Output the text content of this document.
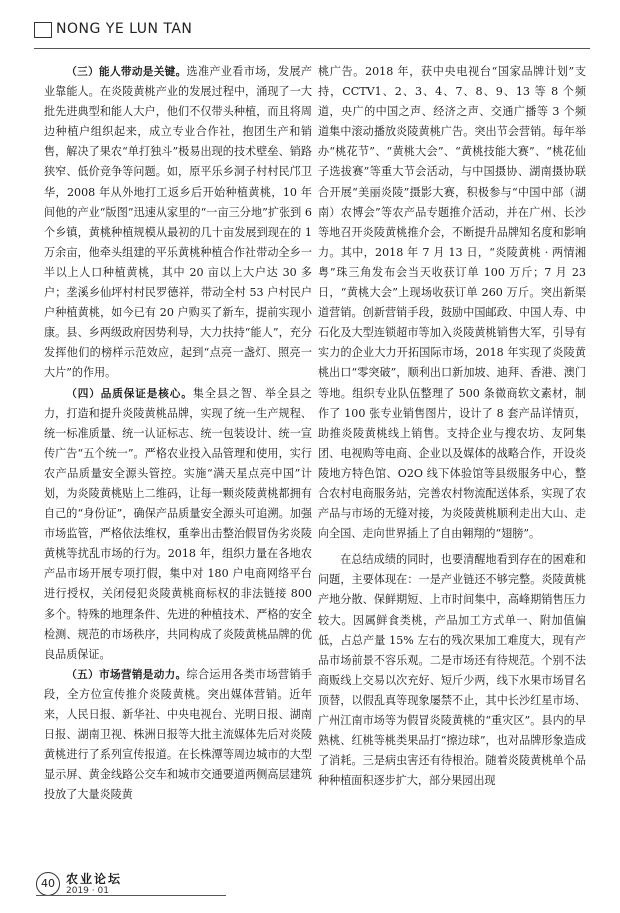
NONG YE LUN TAN

（三）能人带动是关键。选准产业看市场，发展产业靠能人。在炎陵黄桃产业的发展过程中，涌现了一大批先进典型和能人大户，他们不仅带头种植，而且将周边种植户组织起来，成立专业合作社，抱团生产和销售，解决了果农“单打独斗”极易出现的技术壁垒、销路狭窄、低价竞争等问题。如，原平乐乡洞子村村民邝卫华，2008 年从外地打工返乡后开始种植黄桃，10 年间他的产业“版图”迅速从家里的“一亩三分地”扩张到 6 个乡镇，黄桃种植规模从最初的几十亩发展到现在的 1 万余亩，他牵头组建的平乐黄桃种植合作社带动全乡一半以上人口种植黄桃，其中 20 亩以上大户达 30 多户；垄溪乡仙坪村村民罗德祥，带动全村 53 户村民户户种植黄桃，如今已有 20 户购买了新车，提前实现小康。县、乡两级政府因势利导，大力扶持“能人”，充分发挥他们的榜样示范效应，起到“点亮一盏灯、照亮一大片”的作用。

（四）品质保证是核心。集全县之智、举全县之力，打造和提升炎陵黄桃品牌，实现了统一生产规程、统一标准质量、统一认证标志、统一包装设计、统一宣传广告“五个统一”。严格农业投入品管理和使用，实行农产品质量安全源头管控。实施“满天星点亮中国”计划，为炎陵黄桃贴上二维码，让每一颗炎陵黄桃都拥有自己的“身份证”，确保产品质量安全源头可追溯。加强市场监管，严格依法维权，重拳出击整治假冒伪劣炎陵黄桃等扰乱市场的行为。2018 年，组织力量在各地农产品市场开展专项打假，集中对 180 户电商网络平台进行授权，关闭侵犯炎陵黄桃商标权的非法链接 800 多个。特殊的地理条件、先进的种植技术、严格的安全检测、规范的市场秩序，共同构成了炎陵黄桃品牌的优良品质保证。

（五）市场营销是动力。综合运用各类市场营销手段，全方位宣传推介炎陵黄桃。突出媒体营销。近年来，人民日报、新华社、中央电视台、光明日报、湖南日报、湖南卫视、株洲日报等大批主流媒体先后对炎陵黄桃进行了系列宣传报道。在长株潭等周边城市的大型显示屏、黄金线路公交车和城市交通要道两侧高层建筑投放了大量炎陵黄

桃广告。2018 年，获中央电视台“国家品牌计划”支持，CCTV1、2、3、4、7、8、9、13 等 8 个频道，央广的中国之声、经济之声、交通广播等 3 个频道集中滚动播放炎陵黄桃广告。突出节会营销。每年举办“桃花节”、“黄桃大会”、“黄桃技能大赛”、“桃花仙子选拔赛”等重大节会活动，与中国摄协、湖南摄协联合开展“美丽炎陵”摄影大赛，积极参与“中国中部（湖南）农博会”等农产品专题推介活动，并在广州、长沙等地召开炎陵黄桃推介会，不断提升品牌知名度和影响力。其中，2018 年 7 月 13 日，“炎陵黄桃 · 两情湘粤”珠三角发布会当天收获订单 100 万斤；7 月 23 日，“黄桃大会”上现场收获订单 260 万斤。突出新渠道营销。创新营销手段，鼓励中国邮政、中国人寿、中石化及大型连锁超市等加入炎陵黄桃销售大军，引导有实力的企业大力开拓国际市场，2018 年实现了炎陵黄桃出口“零突破”，顺利出口新加坡、迪拜、香港、澳门等地。组织专业队伍整理了 500 条微商软文素材，制作了 100 张专业销售图片，设计了 8 套产品详情页，助推炎陵黄桃线上销售。支持企业与搜农坊、友阿集团、电视购等电商、企业以及媒体的战略合作，开设炎陵地方特色馆、O2O 线下体验馆等县级服务中心，整合农村电商服务站，完善农村物流配送体系，实现了农产品与市场的无缝对接，为炎陵黄桃顺利走出大山、走向全国、走向世界插上了自由翱翔的“翅膀”。

在总结成绩的同时，也要清醒地看到存在的困难和问题，主要体现在：一是产业链还不够完整。炎陵黄桃产地分散、保鲜期短、上市时间集中，高峰期销售压力较大。因属鲜食类桃，产品加工方式单一、附加值偏低，占总产量 15% 左右的残次果加工难度大，现有产品市场前景不容乐观。二是市场还有待规范。个别不法商贩线上交易以次充好、短斤少两，线下水果市场冒名顶替，以假乱真等现象屡禁不止，其中长沙红星市场、广州江南市场等为假冒炎陵黄桃的“重灾区”。县内的早熟桃、红桃等桃类果品打“擦边球”，也对品牌形象造成了消耗。三是病虫害还有待根治。随着炎陵黄桃单个品种种植面积逐步扩大，部分果园出现

40 农业论坛
2019 · 01
